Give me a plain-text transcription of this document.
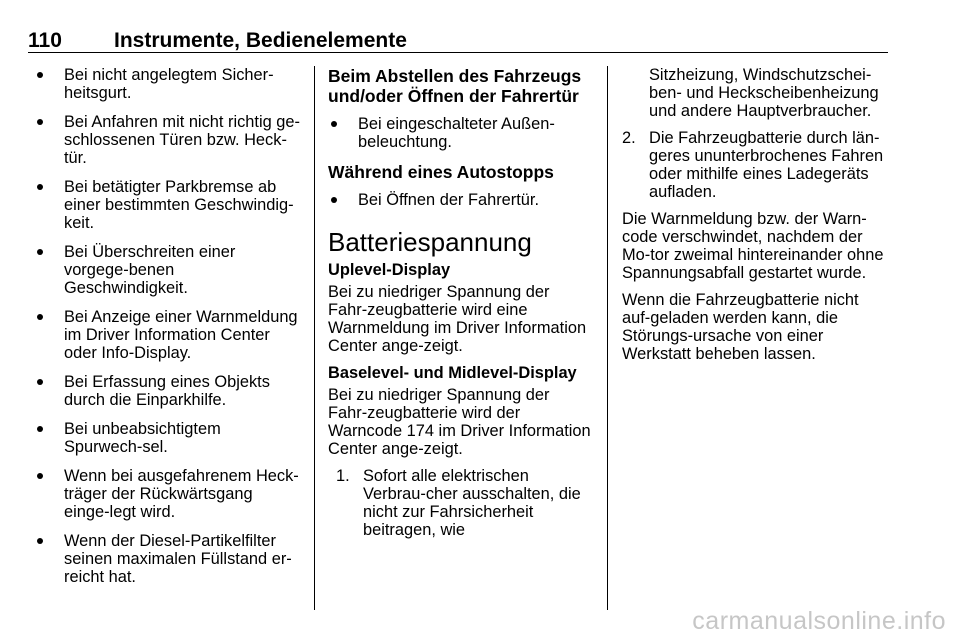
110 Instrumente, Bedienelemente
Bei nicht angelegtem Sicher-heitsgurt.
Bei Anfahren mit nicht richtig ge-schlossenen Türen bzw. Heck-tür.
Bei betätigter Parkbremse ab einer bestimmten Geschwindig-keit.
Bei Überschreiten einer vorgege-benen Geschwindigkeit.
Bei Anzeige einer Warnmeldung im Driver Information Center oder Info-Display.
Bei Erfassung eines Objekts durch die Einparkhilfe.
Bei unbeabsichtigtem Spurwech-sel.
Wenn bei ausgefahrenem Heck-träger der Rückwärtsgang einge-legt wird.
Wenn der Diesel-Partikelfilter seinen maximalen Füllstand er-reicht hat.
Beim Abstellen des Fahrzeugs und/oder Öffnen der Fahrertür
Bei eingeschalteter Außen-beleuchtung.
Während eines Autostopps
Bei Öffnen der Fahrertür.
Batteriespannung
Uplevel-Display

Bei zu niedriger Spannung der Fahr-zeugbatterie wird eine Warnmeldung im Driver Information Center ange-zeigt.

Baselevel- und Midlevel-Display

Bei zu niedriger Spannung der Fahr-zeugbatterie wird der Warncode 174 im Driver Information Center ange-zeigt.

1. Sofort alle elektrischen Verbrau-cher ausschalten, die nicht zur Fahrsicherheit beitragen, wie
Sitzheizung, Windschutzschei-ben- und Heckscheibenheizung und andere Hauptverbraucher.
2. Die Fahrzeugbatterie durch län-geres ununterbrochenes Fahren oder mithilfe eines Ladegeräts aufladen.

Die Warnmeldung bzw. der Warn-code verschwindet, nachdem der Mo-tor zweimal hintereinander ohne Spannungsabfall gestartet wurde.

Wenn die Fahrzeugbatterie nicht auf-geladen werden kann, die Störungs-ursache von einer Werkstatt beheben lassen.

carmanualsonline.info
